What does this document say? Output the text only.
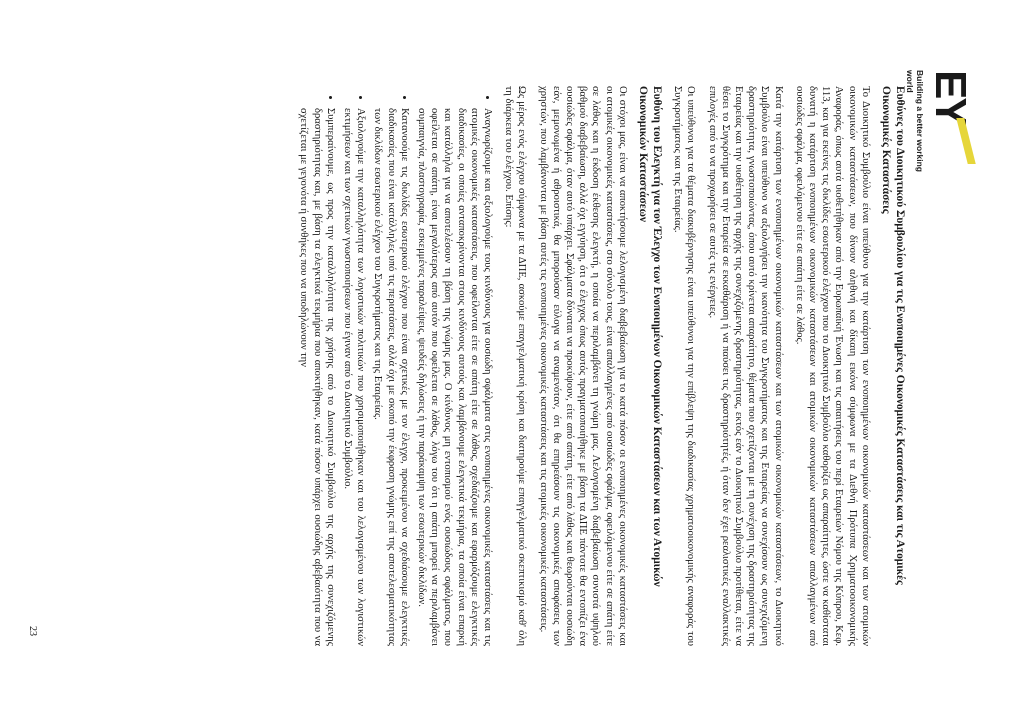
EY
Building a better working world
Ευθύνες του Διοικητικού Συμβουλίου για τις Ενοποιημένες Οικονομικές Καταστάσεις και τις Ατομικές Οικονομικές Καταστάσεις

Το Διοικητικό Συμβούλιο είναι υπεύθυνο για την κατάρτιση των ενοποιημένων οικονομικών καταστάσεων και των ατομικών οικονομικών καταστάσεων, που δίνουν αληθινή και δίκαιη εικόνα σύμφωνα με τα Διεθνή Πρότυπα Χρηματοοικονομικής Αναφοράς, όπως αυτά υιοθετήθηκαν από την Ευρωπαϊκή Ένωση και τις απαιτήσεις του περί Εταιρειών Νόμου της Κύπρου, Κεφ. 113, και για εκείνες τις δικλίδες εσωτερικού ελέγχου που το Διοικητικό Συμβούλιο καθορίζει ως απαραίτητες, ώστε να καθίσταται δυνατή η κατάρτιση ενοποιημένων οικονομικών καταστάσεων και ατομικών οικονομικών καταστάσεων απαλλαγμένων από ουσιώδες σφάλμα, οφειλόμενου είτε σε απάτη είτε σε λάθος.

Κατά την κατάρτιση των ενοποιημένων οικονομικών καταστάσεων και των ατομικών οικονομικών καταστάσεων, το Διοικητικό Συμβούλιο είναι υπεύθυνο να αξιολογήσει την ικανότητα του Συγκροτήματος και της Εταιρείας να συνεχίσουν ως συνεχιζόμενη δραστηριότητα, γνωστοποιώντας, όπου αυτό κρίνεται απαραίτητο, θέματα που σχετίζονται με τη συνέχιση της δραστηριότητας της Εταιρείας και την υιοθέτηση της αρχής της συνεχιζόμενης δραστηριότητας, εκτός εάν το Διοικητικό Συμβούλιο προτίθεται, είτε να θέσει το Συγκρότημα και την Εταιρεία σε εκκαθάριση ή να παύσει τις δραστηριότητές, ή όταν δεν έχει ρεαλιστικές εναλλακτικές επιλογές από το να προχωρήσει σε αυτές τις ενέργειες.

Οι υπεύθυνοι για τα θέματα διακυβέρνησης είναι υπεύθυνοι για την επίβλεψη της διαδικασίας χρηματοοικονομικής αναφοράς του Συγκροτήματος και της Εταιρείας.

Ευθύνη του Ελεγκτή για τον Έλεγχο των Ενοποιημένων Οικονομικών Καταστάσεων και των Ατομικών Οικονομικών Καταστάσεων

Οι στόχοι μας, είναι να αποκτήσουμε λελογισμένη διαβεβαίωση για το κατά πόσον οι ενοποιημένες οικονομικές καταστάσεις και οι ατομικές οικονομικές καταστάσεις, στο σύνολο τους, είναι απαλλαγμένες από ουσιώδες σφάλμα, οφειλόμενου είτε σε απάτη είτε σε λάθος και η έκδοση έκθεσης ελεγκτή, η οποία να περιλαμβάνει τη γνώμη μας. Λελογισμένη διαβεβαίωση συνιστά υψηλού βαθμού διαβεβαίωση, αλλά όχι εγγύηση, ότι ο έλεγχος όπως αυτός πραγματοποιήθηκε με βάση τα ΔΠΕ πάντοτε θα εντοπίζει ένα ουσιώδες σφάλμα, όταν αυτό υπάρχει. Σφάλματα δύναται να προκύψουν, είτε από απάτη, είτε από λάθος και θεωρούνται ουσιώδη εάν, μεμονωμένα ή αθροιστικά, θα μπορούσαν εύλογα να αναμενόταν, ότι θα επηρεάσουν τις οικονομικές αποφάσεις των χρηστών, που λαμβάνονται με βάση αυτές τις ενοποιημένες οικονομικές καταστάσεις και τις ατομικές οικονομικές καταστάσεις.

Ως μέρος ενός ελέγχου σύμφωνα με τα ΔΠΕ, ασκούμε επαγγελματική κρίση και διατηρούμε επαγγελματικό σκεπτικισμό καθ' όλη τη διάρκεια του ελέγχου. Επίσης:

• Αναγνωρίζουμε και αξιολογούμε τους κινδύνους για ουσιώδη σφάλματα στις ενοποιημένες οικονομικές καταστάσεις και τις ατομικές οικονομικές καταστάσεις, που οφείλονται είτε σε απάτη είτε σε λάθος, σχεδιάζουμε και εφαρμόζουμε ελεγκτικές διαδικασίες, οι οποίες ανταποκρίνονται στους κινδύνους αυτούς και λαμβάνουμε ελεγκτικά τεκμήρια, τα οποία είναι επαρκή και κατάλληλα για να αποτελέσουν τη βάση της γνώμης μας. Ο κίνδυνος μη εντοπισμού ενός ουσιώδους σφάλματος, που οφείλεται σε απάτη, είναι μεγαλύτερος από αυτόν που οφείλεται σε λάθος, λόγω του ότι η απάτη μπορεί να περιλαμβάνει συμπαιγνία, πλαστογραφία, εσκεμμένες παραλείψεις, ψευδείς δηλώσεις ή την παράκαμψη των εσωτερικών δικλίδων.
• Κατανοούμε τις δικλίδες εσωτερικού ελέγχου που είναι σχετικές με τον έλεγχο, προκειμένου να σχεδιάσουμε ελεγκτικές διαδικασίες που είναι κατάλληλες υπό τις περιστάσεις, αλλά όχι με σκοπό την έκφραση γνώμης επί της αποτελεσματικότητας των δικλίδων εσωτερικού ελέγχου του Συγκροτήματος και της Εταιρείας.
• Αξιολογούμε την καταλληλότητα των λογιστικών πολιτικών που χρησιμοποιήθηκαν και του λελογισμένου των λογιστικών εκτιμήσεων και των σχετικών γνωστοποιήσεων που έγιναν από το Διοικητικό Συμβούλιο.
• Συμπεραίνουμε, ως προς την καταλληλότητα της χρήσης από το Διοικητικό Συμβούλιο της αρχής της συνεχιζόμενης δραστηριότητας και, με βάση τα ελεγκτικά τεκμήρια που αποκτήθηκαν, κατά πόσον υπάρχει ουσιώδης αβεβαιότητα που να σχετίζεται με γεγονότα ή συνθήκες που να υποδηλώνουν την
23
